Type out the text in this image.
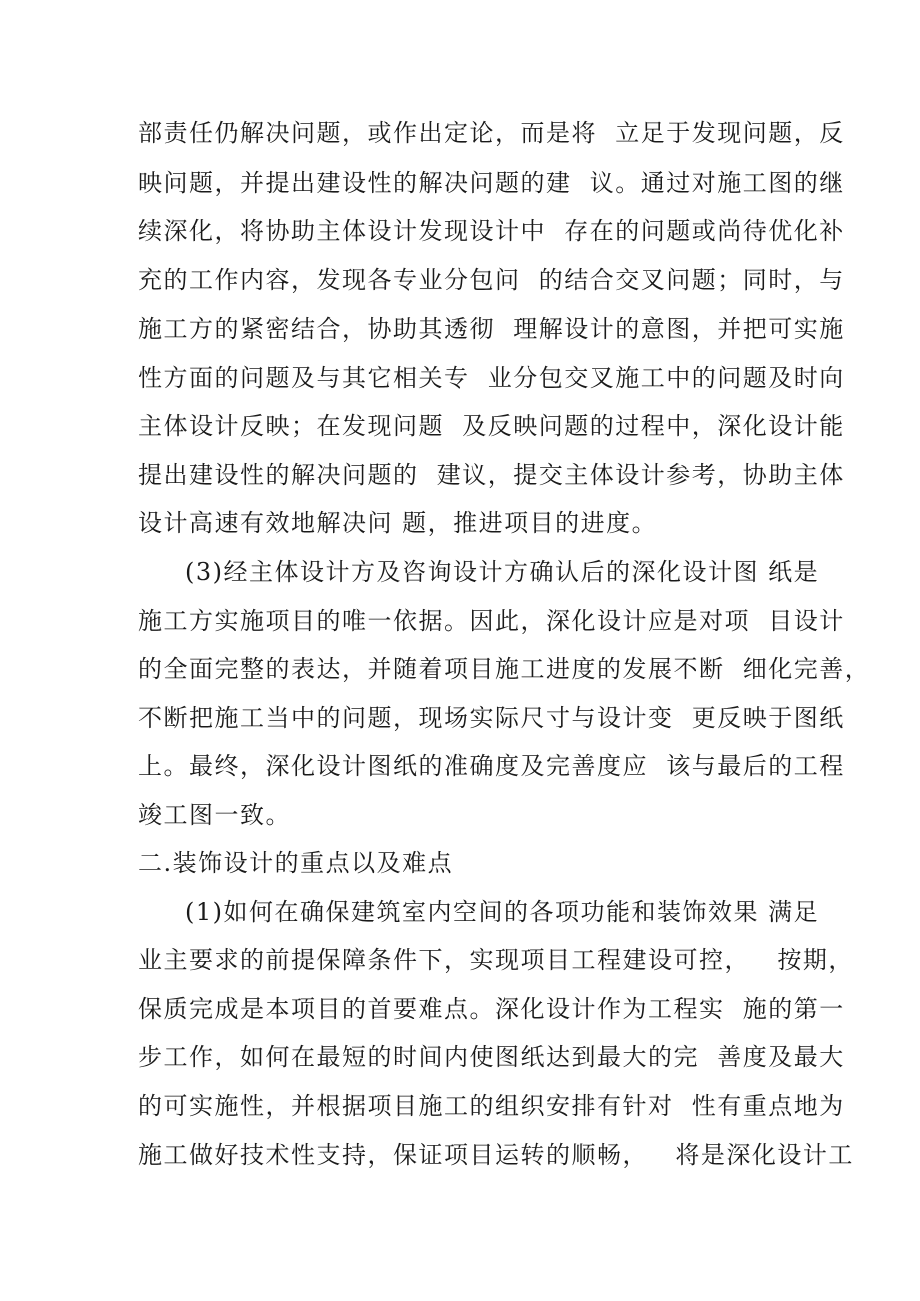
部责任仍解决问题，或作出定论，而是将  立足于发现问题，反
映问题，并提出建设性的解决问题的建  议。通过对施工图的继
续深化，将协助主体设计发现设计中  存在的问题或尚待优化补
充的工作内容，发现各专业分包问  的结合交叉问题；同时，与
施工方的紧密结合，协助其透彻  理解设计的意图，并把可实施
性方面的问题及与其它相关专  业分包交叉施工中的问题及时向
主体设计反映；在发现问题  及反映问题的过程中，深化设计能
提出建设性的解决问题的  建议，提交主体设计参考，协助主体
设计高速有效地解决问 题，推进项目的进度。
(3)经主体设计方及咨询设计方确认后的深化设计图 纸是
施工方实施项目的唯一依据。因此，深化设计应是对项  目设计
的全面完整的表达，并随着项目施工进度的发展不断  细化完善，
不断把施工当中的问题，现场实际尺寸与设计变  更反映于图纸
上。最终，深化设计图纸的准确度及完善度应  该与最后的工程
竣工图一致。
二.装饰设计的重点以及难点
(1)如何在确保建筑室内空间的各项功能和装饰效果 满足
业主要求的前提保障条件下，实现项目工程建设可控，   按期，
保质完成是本项目的首要难点。深化设计作为工程实  施的第一
步工作，如何在最短的时间内使图纸达到最大的完  善度及最大
的可实施性，并根据项目施工的组织安排有针对  性有重点地为
施工做好技术性支持，保证项目运转的顺畅，   将是深化设计工
